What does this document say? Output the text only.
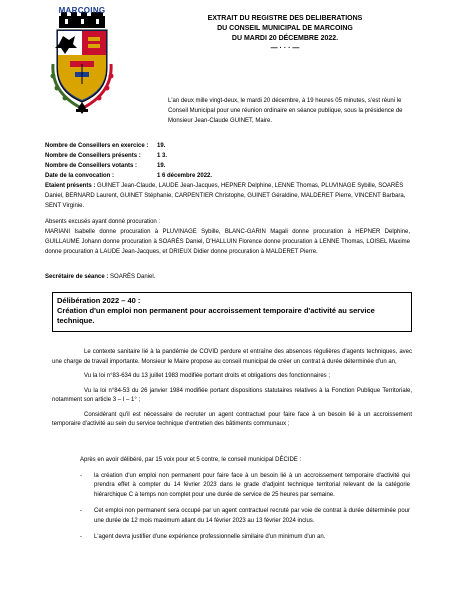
MARCOING
EXTRAIT DU REGISTRE DES DELIBERATIONS
DU CONSEIL MUNICIPAL DE MARCOING
DU MARDI 20 DÉCEMBRE 2022.
— · · · —
L'an deux mille vingt-deux, le mardi 20 décembre, à 19 heures 05 minutes, s'est réuni le Conseil Municipal pour une réunion ordinaire en séance publique, sous la présidence de Monsieur Jean-Claude GUINET, Maire.
Nombre de Conseillers en exercice :	19.
Nombre de Conseillers présents :	1 3.
Nombre de Conseillers votants :	19.
Date de la convocation :	1 6 décembre 2022.
Etaient présents : GUINET Jean-Claude, LAUDE Jean-Jacques, HEPNER Delphine, LENNE Thomas, PLUVINAGE Sybille, SOARÈS Daniel, BERNARD Laurent, GUINET Stéphanie, CARPENTIER Christophe, GUINET Géraldine, MALDERET Pierre, VINCENT Barbara, SENT Virginie.
Absents excusés ayant donné procuration :
MARIANI Isabelle donne procuration à PLUVINAGE Sybille, BLANC-GARIN Magali donne procuration à HEPNER Delphine, GUILLAUME Johann donne procuration à SOARÈS Daniel, D'HALLUIN Florence donne procuration à LENNE Thomas, LOISEL Maxime donne procuration à LAUDE Jean-Jacques, et DRIEUX Didier donne procuration à MALDERET Pierre.
Secrétaire de séance : SOARÈS Daniel.
Délibération 2022 – 40 :
Création d'un emploi non permanent pour accroissement temporaire d'activité au service technique.

Le contexte sanitaire lié à la pandémie de COVID perdure et entraîne des absences régulières d'agents techniques, avec une charge de travail importante. Monsieur le Maire propose au conseil municipal de créer un contrat à durée déterminée d'un an,

Vu la loi n°83-634 du 13 juillet 1983 modifiée portant droits et obligations des fonctionnaires ;

Vu la loi n°84-53 du 26 janvier 1984 modifiée portant dispositions statutaires relatives à la Fonction Publique Territoriale, notamment son article 3 – I – 1° ;

Considérant qu'il est nécessaire de recruter un agent contractuel pour faire face à un besoin lié à un accroissement temporaire d'activité au sein du service technique d'entretien des bâtiments communaux ;

Après en avoir délibéré, par 15 voix pour et 5 contre, le conseil municipal DÉCIDE :
-	la création d'un emploi non permanent pour faire face à un besoin lié à un accroissement temporaire d'activité qui prendra effet à compter du 14 février 2023 dans le grade d'adjoint technique territorial relevant de la catégorie hiérarchique C à temps non complet pour une durée de service de 25 heures par semaine.
-	Cet emploi non permanent sera occupé par un agent contractuel recruté par voie de contrat à durée déterminée pour une durée de 12 mois maximum allant du 14 février 2023 au 13 février 2024 inclus.
-	L'agent devra justifier d'une expérience professionnelle similaire d'un minimum d'un an.
